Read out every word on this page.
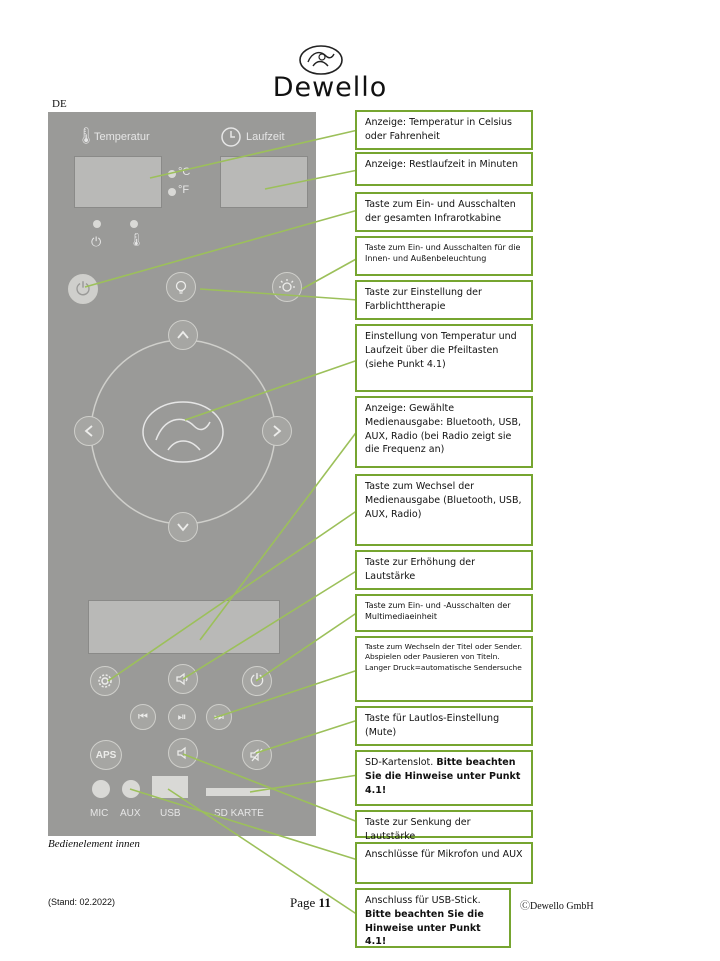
Dewello
DE
🌡
Temperatur	Laufzeit
°C
°F
⏻ 🌡
⏻
⏻
⏮	⏯	⏭
APS
MIC AUX USB	SD KARTE
Bedienelement innen
Anzeige: Temperatur in Celsius oder Fahrenheit
Anzeige: Restlaufzeit in Minuten
Taste zum Ein- und Ausschalten der gesamten Infrarotkabine
Taste zum Ein- und Ausschalten für die Innen- und Außenbeleuchtung
Taste zur Einstellung der Farblichttherapie
Einstellung von Temperatur und Laufzeit über die Pfeiltasten (siehe Punkt 4.1)
Anzeige: Gewählte Medienausgabe: Bluetooth, USB, AUX, Radio (bei Radio zeigt sie die Frequenz an)
Taste zum Wechsel der Medienausgabe (Bluetooth, USB, AUX, Radio)
Taste zur Erhöhung der Lautstärke
Taste zum Ein- und -Ausschalten der Multimediaeinheit
Taste zum Wechseln der Titel oder Sender. Abspielen oder Pausieren von Titeln. Langer Druck=automatische Sendersuche
Taste für Lautlos-Einstellung (Mute)
SD-Kartenslot. Bitte beachten Sie die Hinweise unter Punkt 4.1!
Taste zur Senkung der Lautstärke
Anschlüsse für Mikrofon und AUX
Anschluss für USB-Stick. Bitte beachten Sie die Hinweise unter Punkt 4.1!
(Stand: 02.2022)	Page 11	ⒸDewello GmbH
